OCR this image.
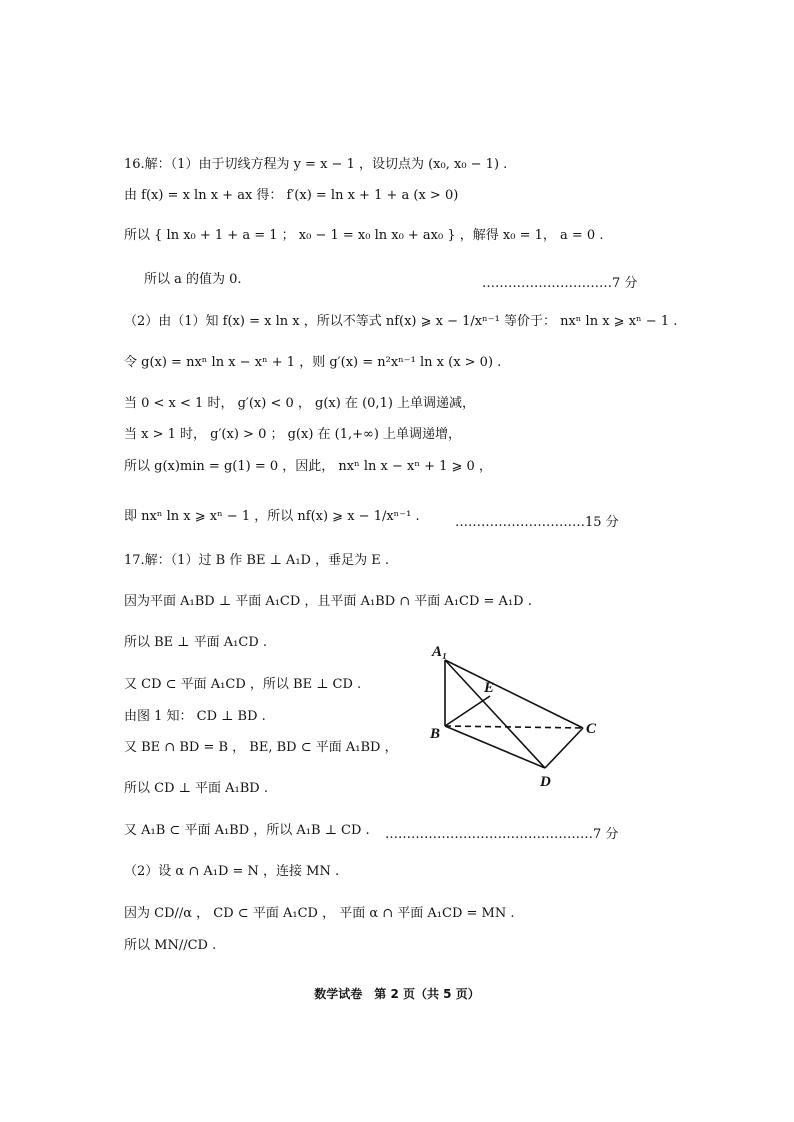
16.解：（1）由于切线方程为 y = x − 1 ，设切点为 (x₀, x₀ − 1) .
由 f(x) = x ln x + ax 得： f′(x) = ln x + 1 + a (x > 0)
所以 { ln x₀ + 1 + a = 1 ； x₀ − 1 = x₀ ln x₀ + ax₀ } ，解得 x₀ = 1， a = 0 .
所以 a 的值为 0.	…………………………7 分
（2）由（1）知 f(x) = x ln x ，所以不等式 nf(x) ⩾ x − 1/xⁿ⁻¹ 等价于： nxⁿ ln x ⩾ xⁿ − 1 .
令 g(x) = nxⁿ ln x − xⁿ + 1 ，则 g′(x) = n²xⁿ⁻¹ ln x (x > 0) .
当 0 < x < 1 时， g′(x) < 0 ， g(x) 在 (0,1) 上单调递减，
当 x > 1 时， g′(x) > 0 ； g(x) 在 (1,+∞) 上单调递增，
所以 g(x)min = g(1) = 0 ，因此， nxⁿ ln x − xⁿ + 1 ⩾ 0 ，
即 nxⁿ ln x ⩾ xⁿ − 1 ，所以 nf(x) ⩾ x − 1/xⁿ⁻¹ .	…………………………15 分
17.解：（1）过 B 作 BE ⊥ A₁D ，垂足为 E .
因为平面 A₁BD ⊥ 平面 A₁CD ，且平面 A₁BD ∩ 平面 A₁CD = A₁D .
所以 BE ⊥ 平面 A₁CD .
又 CD ⊂ 平面 A₁CD ，所以 BE ⊥ CD .
由图 1 知： CD ⊥ BD .
又 BE ∩ BD = B ， BE, BD ⊂ 平面 A₁BD ，
所以 CD ⊥ 平面 A₁BD .
又 A₁B ⊂ 平面 A₁BD ，所以 A₁B ⊥ CD . …………………………………………7 分
（2）设 α ∩ A₁D = N ，连接 MN .
因为 CD//α ， CD ⊂ 平面 A₁CD ， 平面 α ∩ 平面 A₁CD = MN .
所以 MN//CD .
A₁
E
B	C
D
数学试卷　第 2 页（共 5 页）
